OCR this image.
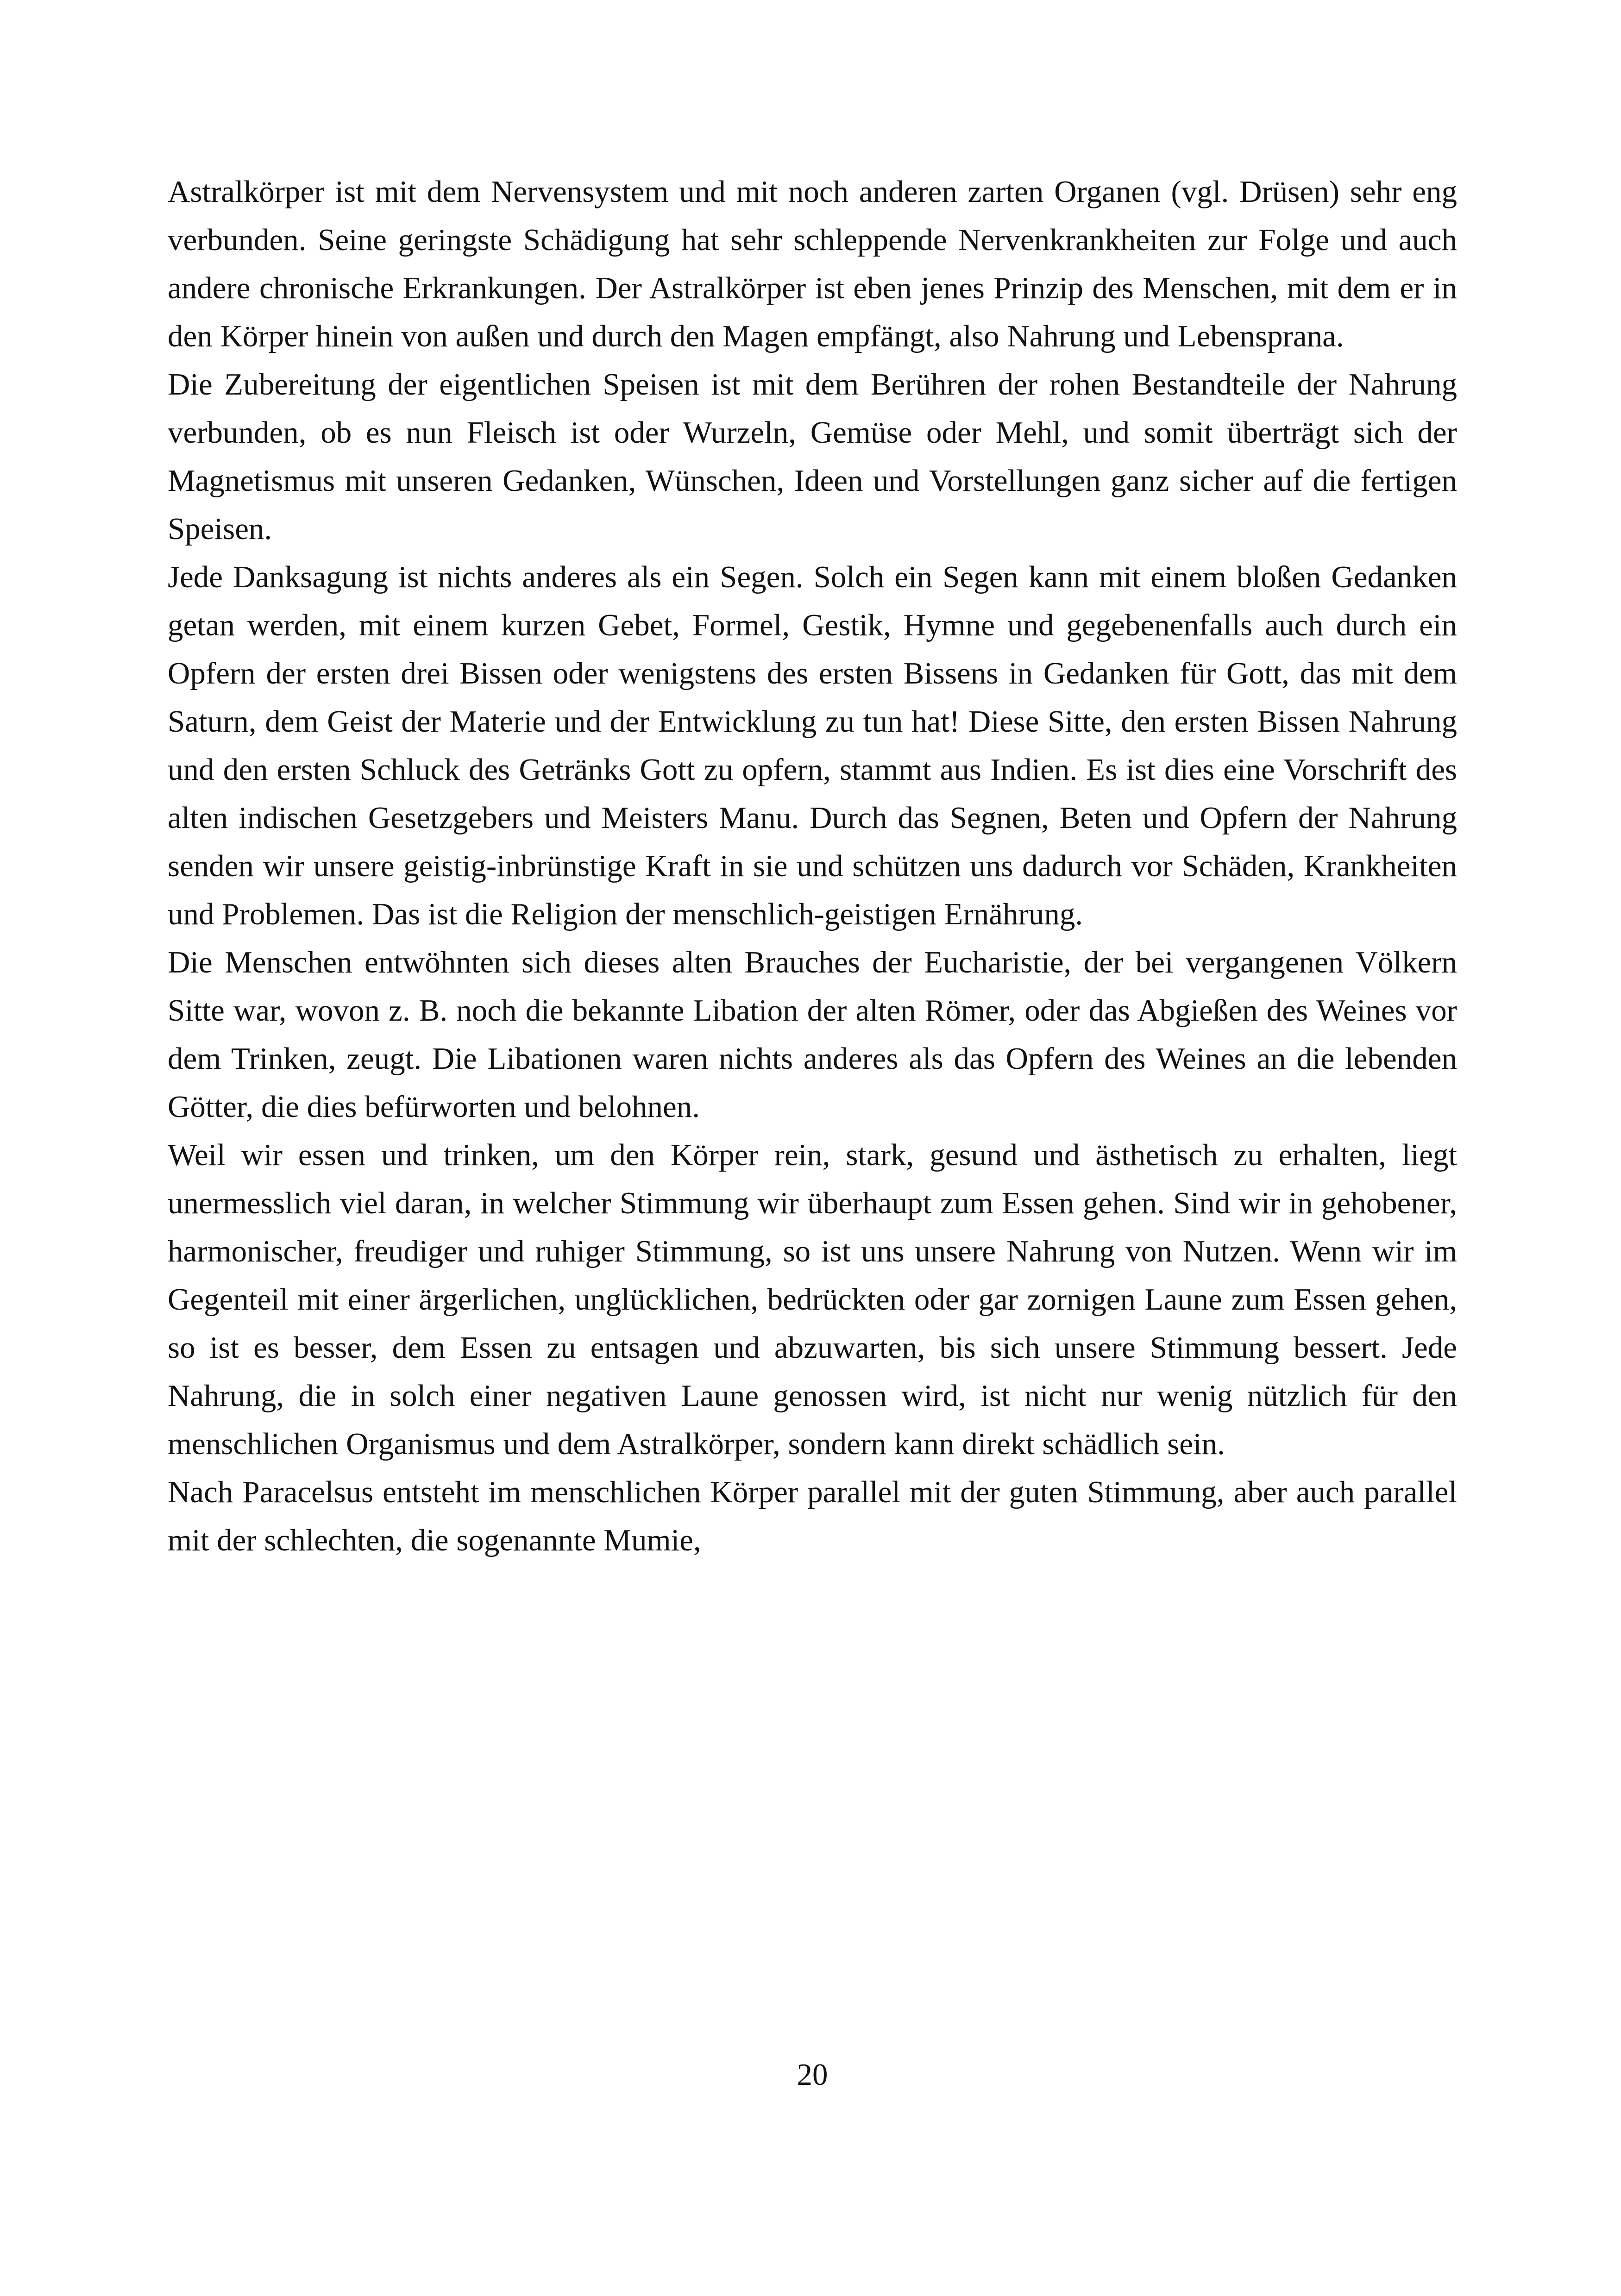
Astralkörper ist mit dem Nervensystem und mit noch anderen zarten Organen (vgl. Drüsen) sehr eng verbunden. Seine geringste Schädigung hat sehr schleppende Nervenkrankheiten zur Folge und auch andere chronische Erkrankungen. Der Astralkörper ist eben jenes Prinzip des Menschen, mit dem er in den Körper hinein von außen und durch den Magen empfängt, also Nahrung und Lebensprana.

Die Zubereitung der eigentlichen Speisen ist mit dem Berühren der rohen Bestandteile der Nahrung verbunden, ob es nun Fleisch ist oder Wurzeln, Gemüse oder Mehl, und somit überträgt sich der Magnetismus mit unseren Gedanken, Wünschen, Ideen und Vorstellungen ganz sicher auf die fertigen Speisen.

Jede Danksagung ist nichts anderes als ein Segen. Solch ein Segen kann mit einem bloßen Gedanken getan werden, mit einem kurzen Gebet, Formel, Gestik, Hymne und gegebenenfalls auch durch ein Opfern der ersten drei Bissen oder wenigstens des ersten Bissens in Gedanken für Gott, das mit dem Saturn, dem Geist der Materie und der Entwicklung zu tun hat! Diese Sitte, den ersten Bissen Nahrung und den ersten Schluck des Getränks Gott zu opfern, stammt aus Indien. Es ist dies eine Vorschrift des alten indischen Gesetzgebers und Meisters Manu. Durch das Segnen, Beten und Opfern der Nahrung senden wir unsere geistig-inbrünstige Kraft in sie und schützen uns dadurch vor Schäden, Krankheiten und Problemen. Das ist die Religion der menschlich-geistigen Ernährung.

Die Menschen entwöhnten sich dieses alten Brauches der Eucharistie, der bei vergangenen Völkern Sitte war, wovon z. B. noch die bekannte Libation der alten Römer, oder das Abgießen des Weines vor dem Trinken, zeugt. Die Libationen waren nichts anderes als das Opfern des Weines an die lebenden Götter, die dies befürworten und belohnen.

Weil wir essen und trinken, um den Körper rein, stark, gesund und ästhetisch zu erhalten, liegt unermesslich viel daran, in welcher Stimmung wir überhaupt zum Essen gehen. Sind wir in gehobener, harmonischer, freudiger und ruhiger Stimmung, so ist uns unsere Nahrung von Nutzen. Wenn wir im Gegenteil mit einer ärgerlichen, unglücklichen, bedrückten oder gar zornigen Laune zum Essen gehen, so ist es besser, dem Essen zu entsagen und abzuwarten, bis sich unsere Stimmung bessert. Jede Nahrung, die in solch einer negativen Laune genossen wird, ist nicht nur wenig nützlich für den menschlichen Organismus und dem Astralkörper, sondern kann direkt schädlich sein.

Nach Paracelsus entsteht im menschlichen Körper parallel mit der guten Stimmung, aber auch parallel mit der schlechten, die sogenannte Mumie,

20
